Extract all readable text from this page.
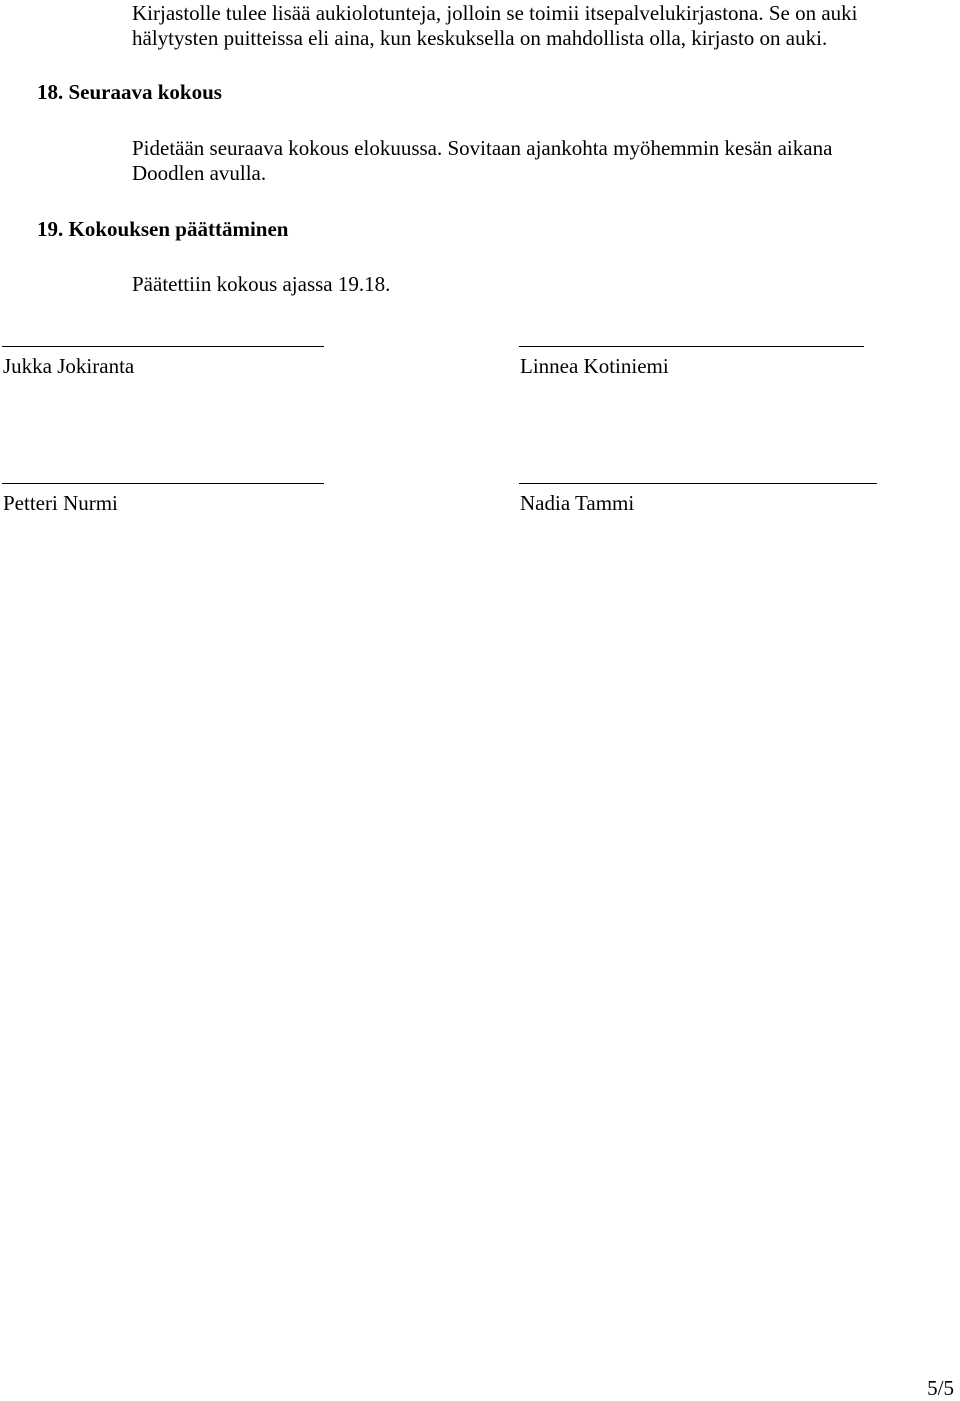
Kirjastolle tulee lisää aukiolotunteja, jolloin se toimii itsepalvelukirjastona. Se on auki
hälytysten puitteissa eli aina, kun keskuksella on mahdollista olla, kirjasto on auki.

18. Seuraava kokous

Pidetään seuraava kokous elokuussa. Sovitaan ajankohta myöhemmin kesän aikana
Doodlen avulla.

19. Kokouksen päättäminen

Päätettiin kokous ajassa 19.18.

Jukka Jokiranta	Linnea Kotiniemi
Petteri Nurmi	Nadia Tammi
5/5
